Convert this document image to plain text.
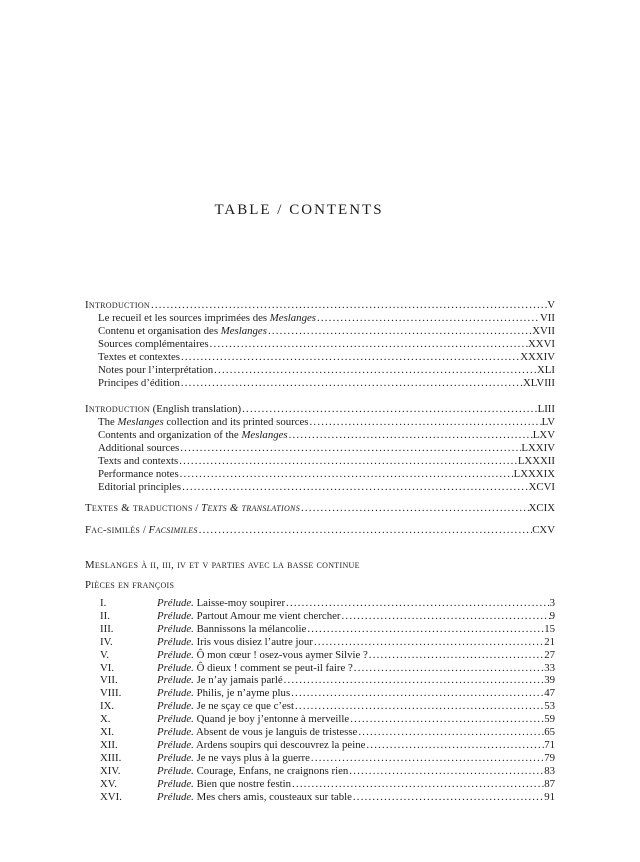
TABLE / CONTENTS
Introduction .....	V
Le recueil et les sources imprimées des Meslanges .....	VII
Contenu et organisation des Meslanges .....	XVII
Sources complémentaires .....	XXVI
Textes et contextes .....	XXXIV
Notes pour l’interprétation .....	XLI
Principes d’édition .....	XLVIII
Introduction (English translation) .....	LIII
The Meslanges collection and its printed sources .....	LV
Contents and organization of the Meslanges .....	LXV
Additional sources .....	LXXIV
Texts and contexts .....	LXXXII
Performance notes .....	LXXXIX
Editorial principles .....	XCVI
Textes & traductions / Texts & translations .....	XCIX
Fac-similés / Facsimiles .....	CXV
Meslanges à ii, iii, iv et v parties avec la basse continue
Pièces en françois
I.	Prélude. Laisse-moy soupirer .....	3
II.	Prélude. Partout Amour me vient chercher .....	9
III.	Prélude. Bannissons la mélancolie .....	15
IV.	Prélude. Iris vous disiez l’autre jour .....	21
V.	Prélude. Ô mon cœur ! osez-vous aymer Silvie ? .....	27
VI.	Prélude. Ô dieux ! comment se peut-il faire ? .....	33
VII.	Prélude. Je n’ay jamais parlé .....	39
VIII.	Prélude. Philis, je n’ayme plus .....	47
IX.	Prélude. Je ne sçay ce que c’est .....	53
X.	Prélude. Quand je boy j’entonne à merveille .....	59
XI.	Prélude. Absent de vous je languis de tristesse .....	65
XII.	Prélude. Ardens soupirs qui descouvrez la peine .....	71
XIII.	Prélude. Je ne vays plus à la guerre .....	79
XIV.	Prélude. Courage, Enfans, ne craignons rien .....	83
XV.	Prélude. Bien que nostre festin .....	87
XVI.	Prélude. Mes chers amis, cousteaux sur table .....	91
